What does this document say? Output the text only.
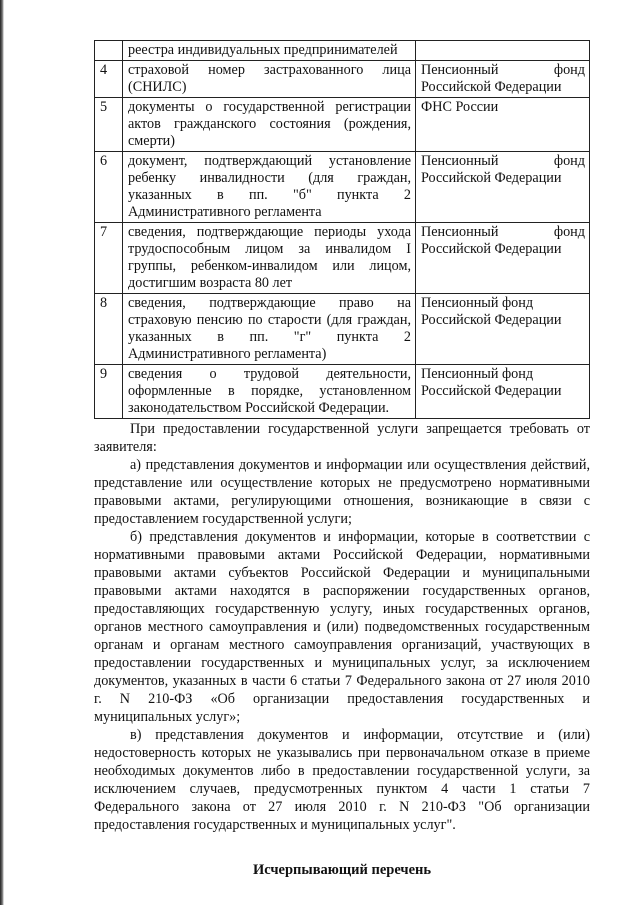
	реестра индивидуальных предпринимателей	

4	страховой номер застрахованного лица (СНИЛС)	Пенсионный фонд
Российской Федерации

5	документы о государственной регистрации актов гражданского состояния (рождения, смерти)	ФНС России

6	документ, подтверждающий установление ребенку инвалидности (для граждан, указанных в пп. "б" пункта 2 Административного регламента	Пенсионный фонд
Российской Федерации

7	сведения, подтверждающие периоды ухода трудоспособным лицом за инвалидом I группы, ребенком-инвалидом или лицом, достигшим возраста 80 лет	Пенсионный фонд
Российской Федерации

8	сведения, подтверждающие право на страховую пенсию по старости (для граждан, указанных в пп. "г" пункта 2 Административного регламента)	Пенсионный фонд
Российской Федерации

9	сведения о трудовой деятельности, оформленные в порядке, установленном законодательством Российской Федерации.	Пенсионный фонд
Российской Федерации

При предоставлении государственной услуги запрещается требовать от заявителя:

а) представления документов и информации или осуществления действий, представление или осуществление которых не предусмотрено нормативными правовыми актами, регулирующими отношения, возникающие в связи с предоставлением государственной услуги;

б) представления документов и информации, которые в соответствии с нормативными правовыми актами Российской Федерации, нормативными правовыми актами субъектов Российской Федерации и муниципальными правовыми актами находятся в распоряжении государственных органов, предоставляющих государственную услугу, иных государственных органов, органов местного самоуправления и (или) подведомственных государственным органам и органам местного самоуправления организаций, участвующих в предоставлении государственных и муниципальных услуг, за исключением документов, указанных в части 6 статьи 7 Федерального закона от 27 июля 2010 г. N 210-ФЗ «Об организации предоставления государственных и муниципальных услуг»;

в) представления документов и информации, отсутствие и (или) недостоверность которых не указывались при первоначальном отказе в приеме необходимых документов либо в предоставлении государственной услуги, за исключением случаев, предусмотренных пунктом 4 части 1 статьи 7 Федерального закона от 27 июля 2010 г. N 210-ФЗ "Об организации предоставления государственных и муниципальных услуг".

Исчерпывающий перечень
